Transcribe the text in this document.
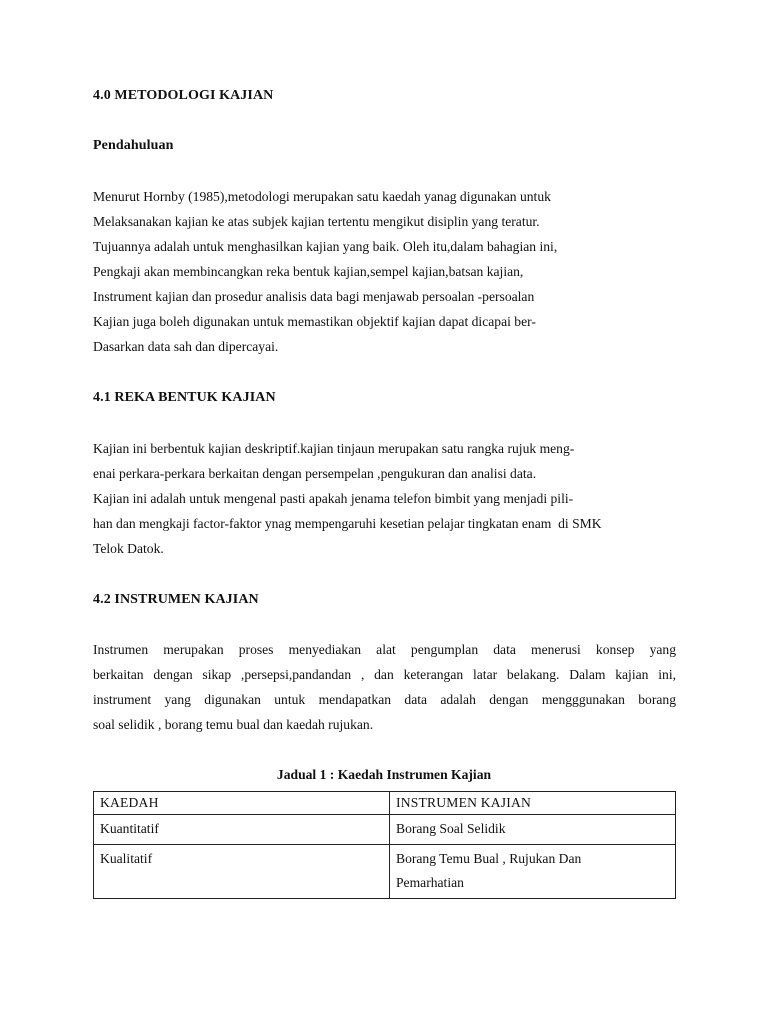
4.0 METODOLOGI KAJIAN
Pendahuluan
Menurut Hornby (1985),metodologi merupakan satu kaedah yanag digunakan untuk
Melaksanakan kajian ke atas subjek kajian tertentu mengikut disiplin yang teratur.
Tujuannya adalah untuk menghasilkan kajian yang baik. Oleh itu,dalam bahagian ini,
Pengkaji akan membincangkan reka bentuk kajian,sempel kajian,batsan kajian,
Instrument kajian dan prosedur analisis data bagi menjawab persoalan -persoalan
Kajian juga boleh digunakan untuk memastikan objektif kajian dapat dicapai ber-
Dasarkan data sah dan dipercayai.
4.1 REKA BENTUK KAJIAN
Kajian ini berbentuk kajian deskriptif.kajian tinjaun merupakan satu rangka rujuk meng-
enai perkara-perkara berkaitan dengan persempelan ,pengukuran dan analisi data.
Kajian ini adalah untuk mengenal pasti apakah jenama telefon bimbit yang menjadi pili-
han dan mengkaji factor-faktor ynag mempengaruhi kesetian pelajar tingkatan enam  di SMK
Telok Datok.
4.2 INSTRUMEN KAJIAN
Instrumen merupakan proses menyediakan alat pengumplan data menerusi konsep yang
berkaitan dengan sikap ,persepsi,pandandan , dan keterangan latar belakang. Dalam kajian ini,
instrument yang digunakan untuk mendapatkan data adalah dengan mengggunakan borang
soal selidik , borang temu bual dan kaedah rujukan.
Jadual 1 : Kaedah Instrumen Kajian
KAEDAH	INSTRUMEN KAJIAN
Kuantitatif	Borang Soal Selidik
Kualitatif	Borang Temu Bual , Rujukan Dan Pemarhatian
